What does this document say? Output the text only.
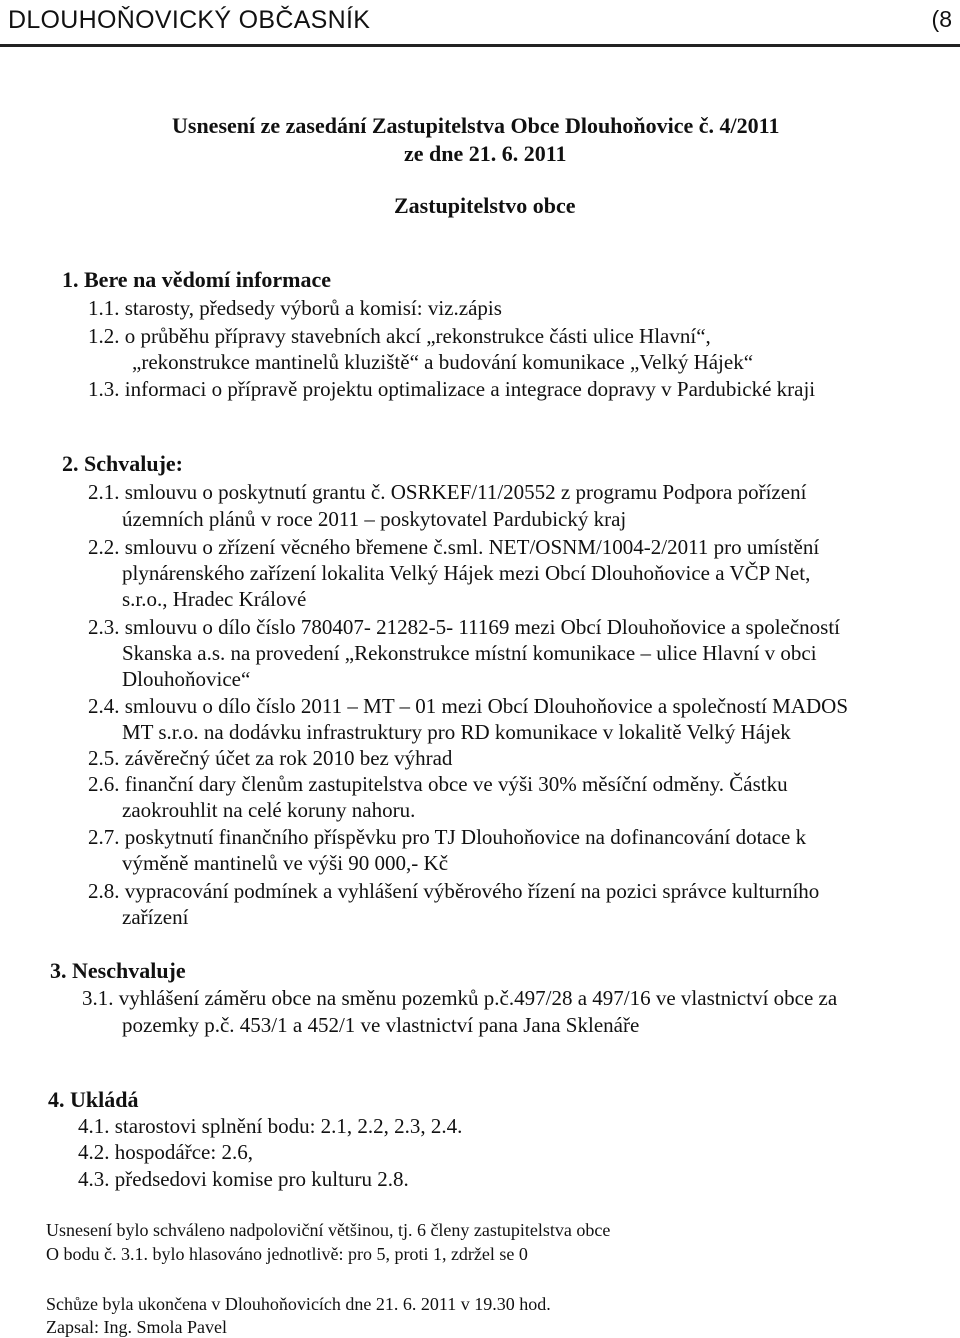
DLOUHOŇOVICKÝ OBČASNÍK	(8
Usnesení ze zasedání Zastupitelstva Obce Dlouhoňovice č. 4/2011
ze dne 21. 6. 2011
Zastupitelstvo obce
1. Bere na vědomí informace
1.1. starosty, předsedy výborů a komisí: viz.zápis
1.2. o průběhu přípravy stavebních akcí „rekonstrukce části ulice Hlavní“,
„rekonstrukce mantinelů kluziště“ a budování komunikace „Velký Hájek“
1.3. informaci o přípravě projektu optimalizace a integrace dopravy v Pardubické kraji
2. Schvaluje:
2.1. smlouvu o poskytnutí grantu č. OSRKEF/11/20552 z programu Podpora pořízení
územních plánů v roce 2011 – poskytovatel Pardubický kraj
2.2. smlouvu o zřízení věcného břemene č.sml. NET/OSNM/1004-2/2011 pro umístění
plynárenského zařízení lokalita Velký Hájek mezi Obcí Dlouhoňovice a VČP Net,
s.r.o., Hradec Králové
2.3. smlouvu o dílo číslo 780407- 21282-5- 11169 mezi Obcí Dlouhoňovice a společností
Skanska a.s. na provedení „Rekonstrukce místní komunikace – ulice Hlavní v obci
Dlouhoňovice“
2.4. smlouvu o dílo číslo 2011 – MT – 01 mezi Obcí Dlouhoňovice a společností MADOS
MT s.r.o. na dodávku infrastruktury pro RD komunikace v lokalitě Velký Hájek
2.5. závěrečný účet za rok 2010 bez výhrad
2.6. finanční dary členům zastupitelstva obce ve výši 30% měsíční odměny. Částku
zaokrouhlit na celé koruny nahoru.
2.7. poskytnutí finančního příspěvku pro TJ Dlouhoňovice na dofinancování dotace k
výměně mantinelů ve výši 90 000,- Kč
2.8. vypracování podmínek a vyhlášení výběrového řízení na pozici správce kulturního
zařízení
3. Neschvaluje
3.1. vyhlášení záměru obce na směnu pozemků p.č.497/28 a 497/16 ve vlastnictví obce za
pozemky p.č. 453/1 a 452/1 ve vlastnictví pana Jana Sklenáře
4. Ukládá
4.1. starostovi splnění bodu: 2.1, 2.2, 2.3, 2.4.
4.2. hospodářce: 2.6,
4.3. předsedovi komise pro kulturu 2.8.
Usnesení bylo schváleno nadpoloviční většinou, tj. 6 členy zastupitelstva obce
O bodu č. 3.1. bylo hlasováno jednotlivě: pro 5, proti 1, zdržel se 0
Schůze byla ukončena v Dlouhoňovicích dne 21. 6. 2011 v 19.30 hod.
Zapsal: Ing. Smola Pavel
